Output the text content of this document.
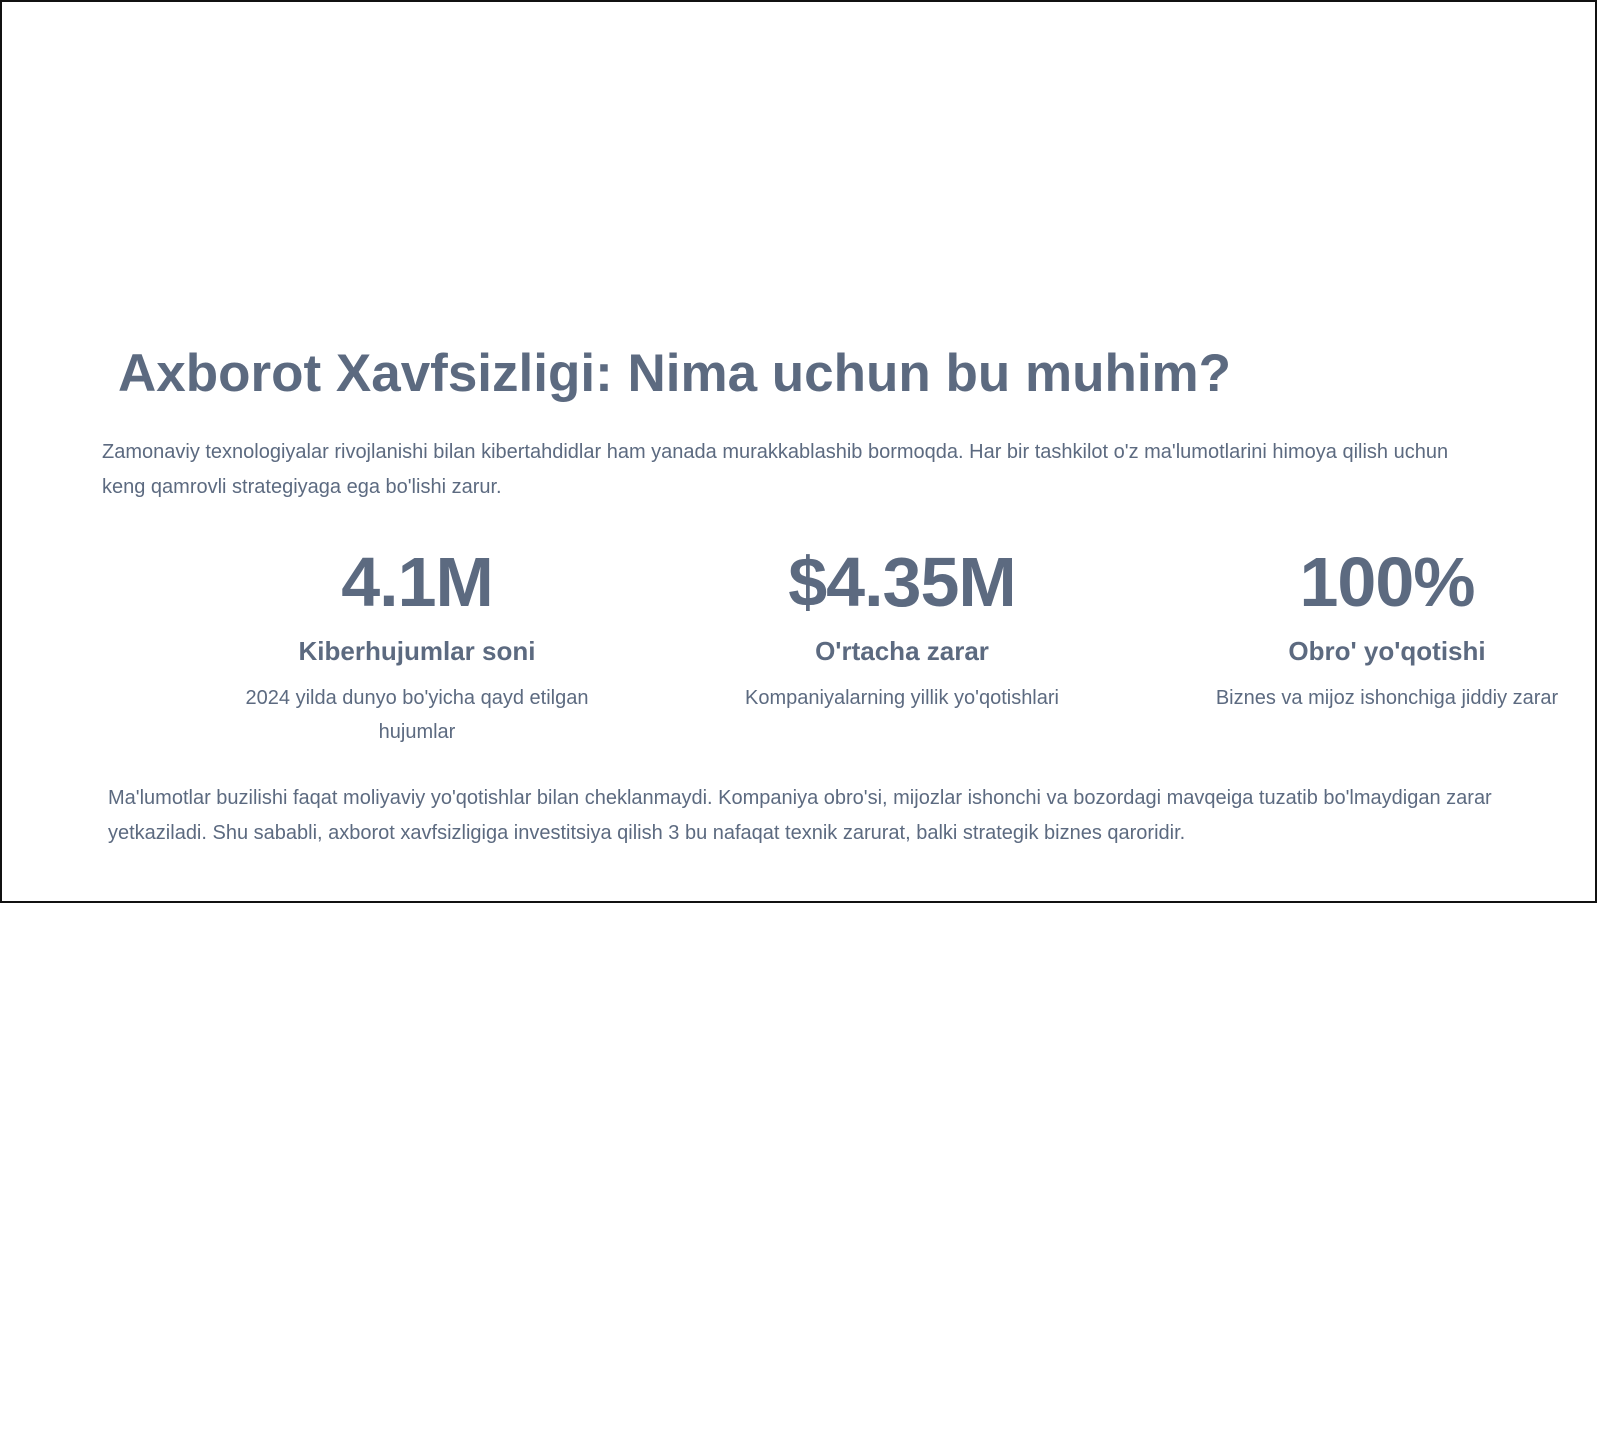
Axborot Xavfsizligi: Nima uchun bu muhim?

Zamonaviy texnologiyalar rivojlanishi bilan kibertahdidlar ham yanada murakkablashib bormoqda. Har bir tashkilot o'z ma'lumotlarini himoya qilish uchun keng qamrovli strategiyaga ega bo'lishi zarur.

4.1M
Kiberhujumlar soni
2024 yilda dunyo bo'yicha qayd etilgan hujumlar
$4.35M
O'rtacha zarar
Kompaniyalarning yillik yo'qotishlari
100%
Obro' yo'qotishi
Biznes va mijoz ishonchiga jiddiy zarar

Ma'lumotlar buzilishi faqat moliyaviy yo'qotishlar bilan cheklanmaydi. Kompaniya obro'si, mijozlar ishonchi va bozordagi mavqeiga tuzatib bo'lmaydigan zarar yetkaziladi. Shu sababli, axborot xavfsizligiga investitsiya qilish 3 bu nafaqat texnik zarurat, balki strategik biznes qaroridir.
